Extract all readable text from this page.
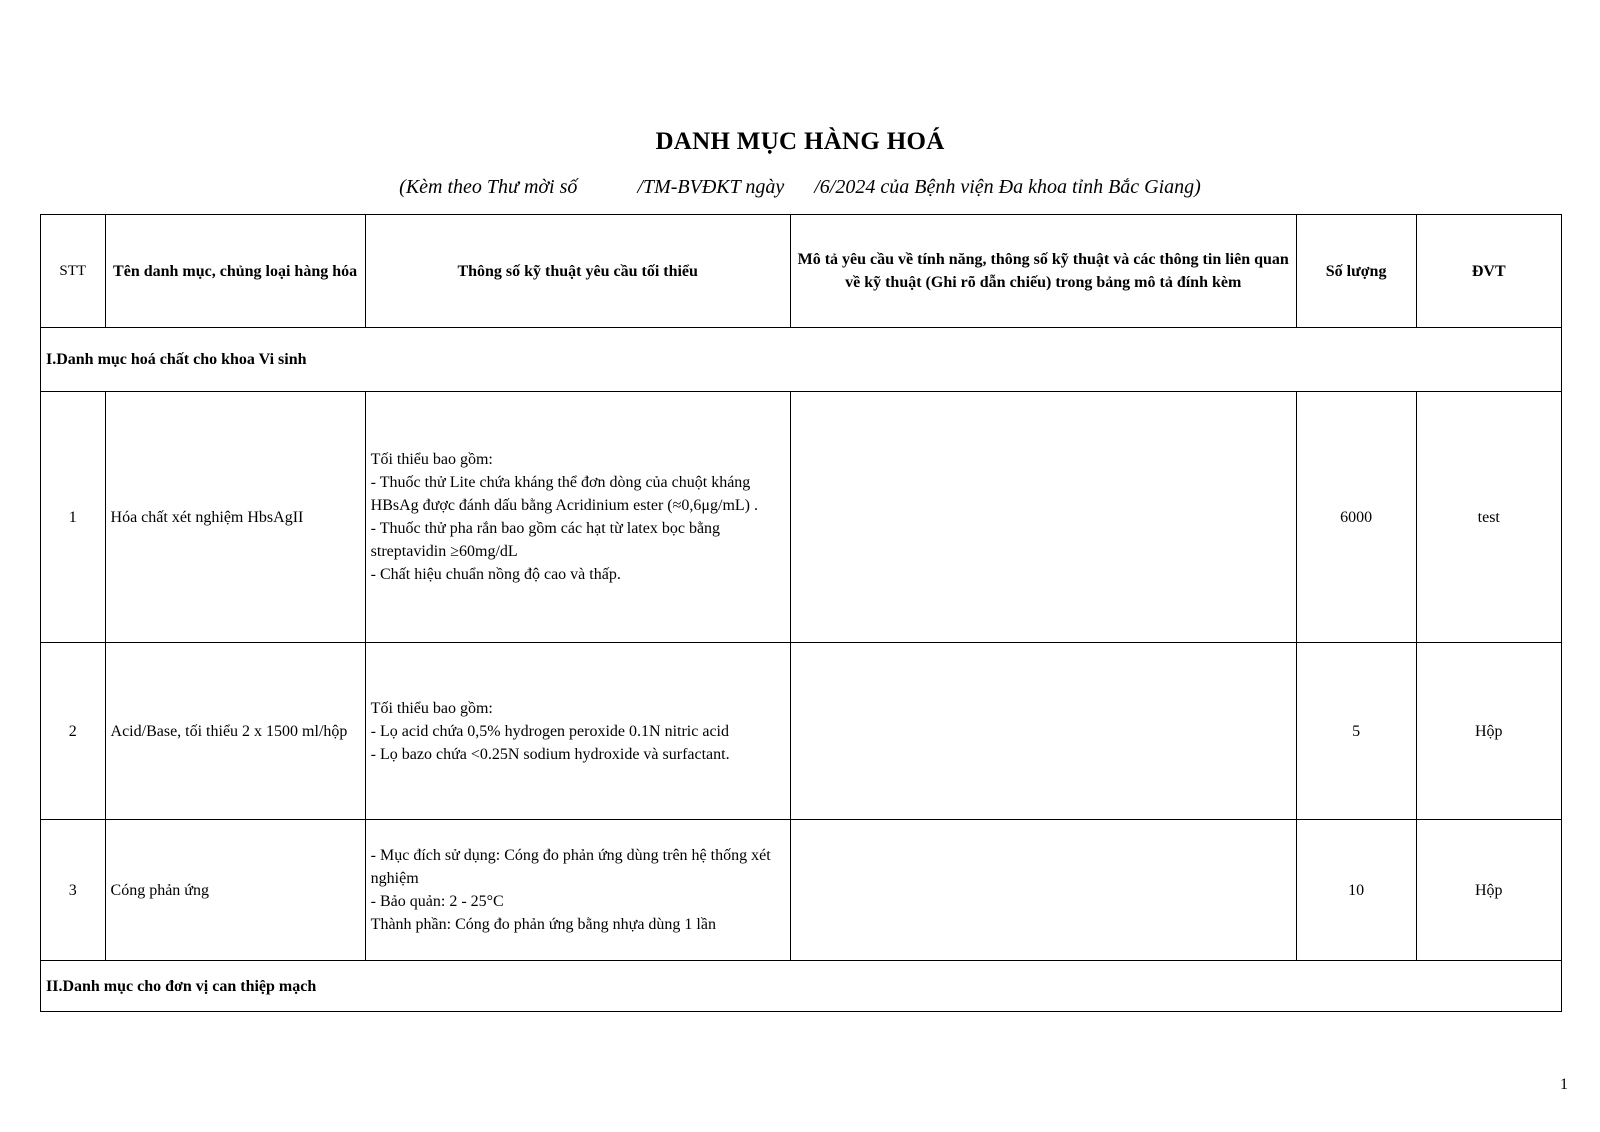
DANH MỤC HÀNG HOÁ
(Kèm theo Thư mời số            /TM-BVĐKT ngày      /6/2024 của Bệnh viện Đa khoa tỉnh Bắc Giang)
STT	Tên danh mục, chủng loại hàng hóa	Thông số kỹ thuật yêu cầu tối thiểu	Mô tả yêu cầu về tính năng, thông số kỹ thuật và các thông tin liên quan về kỹ thuật (Ghi rõ dẫn chiếu) trong bảng mô tả đính kèm	Số lượng	ĐVT
I.Danh mục hoá chất cho khoa Vi sinh					
1	Hóa chất xét nghiệm HbsAgII	Tối thiểu bao gồm:
- Thuốc thử Lite chứa kháng thể đơn dòng của chuột kháng HBsAg được đánh dấu bằng Acridinium ester (≈0,6μg/mL) .
- Thuốc thử pha rắn bao gồm các hạt từ latex bọc bằng streptavidin ≥60mg/dL
- Chất hiệu chuẩn nồng độ cao và thấp.		6000	test
2	Acid/Base, tối thiểu 2 x 1500 ml/hộp	Tối thiểu bao gồm:
- Lọ acid chứa 0,5% hydrogen peroxide 0.1N nitric acid
- Lọ bazo chứa <0.25N sodium hydroxide và surfactant.		5	Hộp
3	Cóng phản ứng	- Mục đích sử dụng: Cóng đo phản ứng dùng trên hệ thống xét nghiệm
- Bảo quản: 2 - 25°C
Thành phần: Cóng đo phản ứng bằng nhựa dùng 1 lần		10	Hộp
II.Danh mục cho đơn vị can thiệp mạch					
1
